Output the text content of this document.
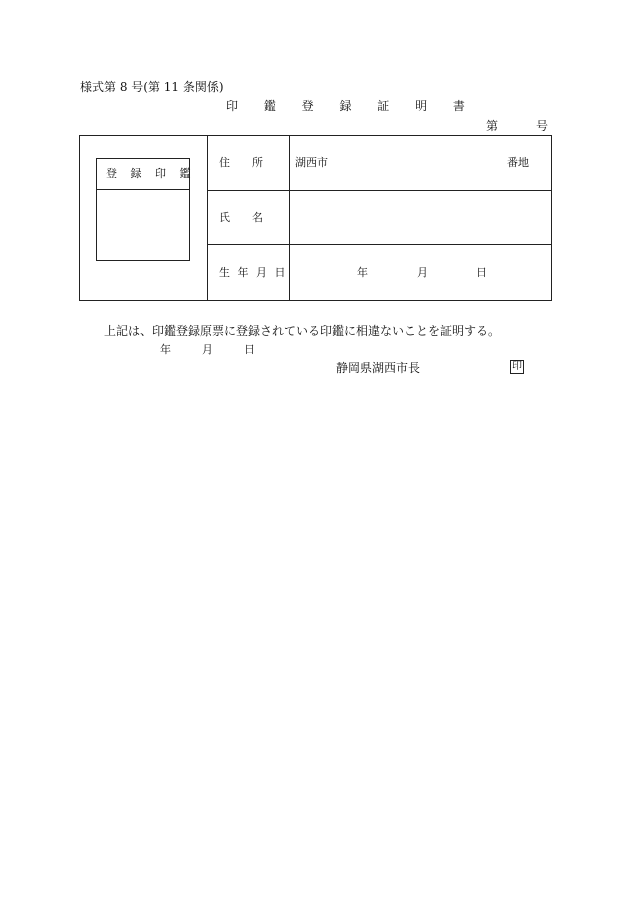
様式第 8 号(第 11 条関係)
印 鑑 登 録 証 明 書
第	号
登 録 印 鑑
住　　所	湖西市	番地
氏　　名
生 年 月 日	年	月	日
上記は、印鑑登録原票に登録されている印鑑に相違ないことを証明する。
年	月	日
静岡県湖西市長	印
